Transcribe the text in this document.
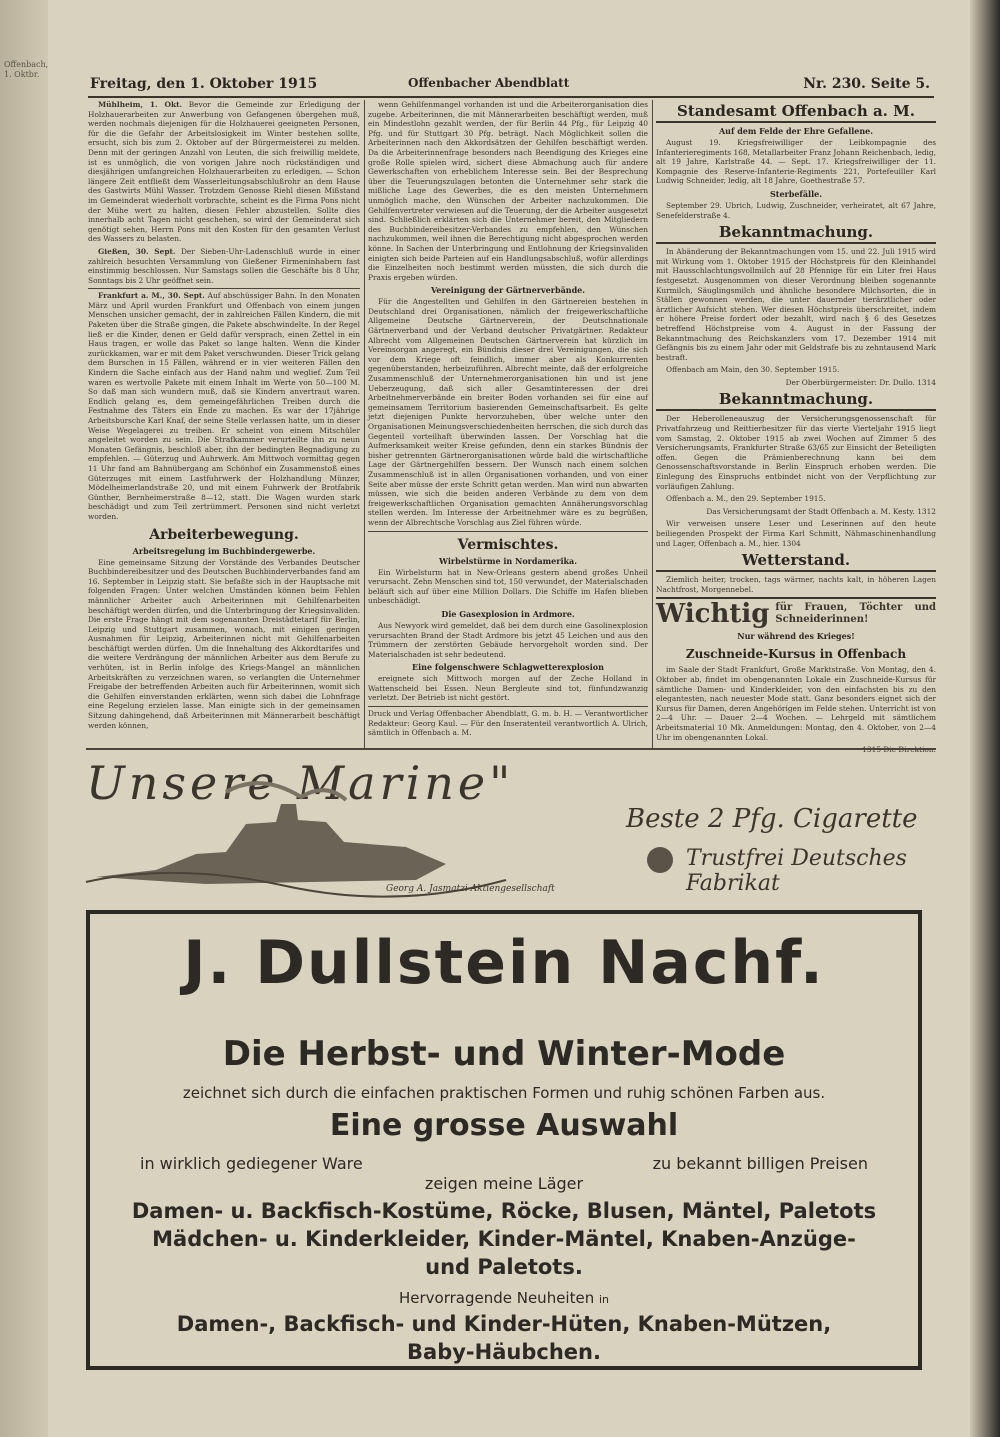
Offenbach, 1. Oktbr.
Freitag, den 1. Oktober 1915	Offenbacher Abendblatt	Nr. 230. Seite 5.

Mühlheim, 1. Okt. Bevor die Gemeinde zur Erledigung der Holzhauerarbeiten zur Anwerbung von Gefangenen übergehen muß, werden nochmals diejenigen für die Holzhauerei geeigneten Personen, für die die Gefahr der Arbeitslosigkeit im Winter bestehen sollte, ersucht, sich bis zum 2. Oktober auf der Bürgermeisterei zu melden. Denn mit der geringen Anzahl von Leuten, die sich freiwillig meldete, ist es unmöglich, die von vorigen Jahre noch rückständigen und diesjährigen umfangreichen Holzhauerarbeiten zu erledigen. — Schon längere Zeit entfließt dem Wasserleitungsabschlußrohr an dem Hause des Gastwirts Mühl Wasser. Trotzdem Genosse Riehl diesen Mißstand im Gemeinderat wiederholt vorbrachte, scheint es die Firma Pons nicht der Mühe wert zu halten, diesen Fehler abzustellen. Sollte dies innerhalb acht Tagen nicht geschehen, so wird der Gemeinderat sich genötigt sehen, Herrn Pons mit den Kosten für den gesamten Verlust des Wassers zu belasten.

Gießen, 30. Sept. Der Sieben-Uhr-Ladenschluß wurde in einer zahlreich besuchten Versammlung von Gießener Firmeninhabern fast einstimmig beschlossen. Nur Samstags sollen die Geschäfte bis 8 Uhr, Sonntags bis 2 Uhr geöffnet sein.

Frankfurt a. M., 30. Sept. Auf abschüssiger Bahn. In den Monaten März und April wurden Frankfurt und Offenbach von einem jungen Menschen unsicher gemacht, der in zahlreichen Fällen Kindern, die mit Paketen über die Straße gingen, die Pakete abschwindelte. In der Regel ließ er die Kinder, denen er Geld dafür versprach, einen Zettel in ein Haus tragen, er wolle das Paket so lange halten. Wenn die Kinder zurückkamen, war er mit dem Paket verschwunden. Dieser Trick gelang dem Burschen in 15 Fällen, während er in vier weiteren Fällen den Kindern die Sache einfach aus der Hand nahm und weglief. Zum Teil waren es wertvolle Pakete mit einem Inhalt im Werte von 50—100 M. So daß man sich wundern muß, daß sie Kindern anvertraut waren. Endlich gelang es, dem gemeingefährlichen Treiben durch die Festnahme des Täters ein Ende zu machen. Es war der 17jährige Arbeitsbursche Karl Knaf, der seine Stelle verlassen hatte, um in dieser Weise Wegelagerei zu treiben. Er scheint von einem Mitschüler angeleitet worden zu sein. Die Strafkammer verurteilte ihn zu neun Monaten Gefängnis, beschloß aber, ihn der bedingten Begnadigung zu empfehlen. — Güterzug und Auhrwerk. Am Mittwoch vormittag gegen 11 Uhr fand am Bahnübergang am Schönhof ein Zusammenstoß eines Güterzuges mit einem Lastfuhrwerk der Holzhandlung Münzer, Mödelheimerlandstraße 20, und mit einem Fuhrwerk der Brotfabrik Günther, Bernheimerstraße 8—12, statt. Die Wagen wurden stark beschädigt und zum Teil zertrümmert. Personen sind nicht verletzt worden.

Arbeiterbewegung.
Arbeitsregelung im Buchbindergewerbe.

Eine gemeinsame Sitzung der Vorstände des Verbandes Deutscher Buchbindereibesitzer und des Deutschen Buchbinderverbandes fand am 16. September in Leipzig statt. Sie befaßte sich in der Hauptsache mit folgenden Fragen: Unter welchen Umständen können beim Fehlen männlicher Arbeiter auch Arbeiterinnen mit Gehilfenarbeiten beschäftigt werden dürfen, und die Unterbringung der Kriegsinvaliden. Die erste Frage hängt mit dem sogenannten Dreistädtetarif für Berlin, Leipzig und Stuttgart zusammen, wonach, mit einigen geringen Ausnahmen für Leipzig, Arbeiterinnen nicht mit Gehilfenarbeiten beschäftigt werden dürfen. Um die Innehaltung des Akkordtarifes und die weitere Verdrängung der männlichen Arbeiter aus dem Berufe zu verhüten, ist in Berlin infolge des Kriegs-Mangel an männlichen Arbeitskräften zu verzeichnen waren, so verlangten die Unternehmer Freigabe der betreffenden Arbeiten auch für Arbeiterinnen, womit sich die Gehilfen einverstanden erklärten, wenn sich dabei die Lohnfrage eine Regelung erzielen lasse. Man einigte sich in der gemeinsamen Sitzung dahingehend, daß Arbeiterinnen mit Männerarbeit beschäftigt werden können,

wenn Gehilfenmangel vorhanden ist und die Arbeiterorganisation dies zugebe. Arbeiterinnen, die mit Männerarbeiten beschäftigt werden, muß ein Mindestlohn gezahlt werden, der für Berlin 44 Pfg., für Leipzig 40 Pfg. und für Stuttgart 30 Pfg. beträgt. Nach Möglichkeit sollen die Arbeiterinnen nach den Akkordsätzen der Gehilfen beschäftigt werden. Da die Arbeiterinnenfrage besonders nach Beendigung des Krieges eine große Rolle spielen wird, sichert diese Abmachung auch für andere Gewerkschaften von erheblichem Interesse sein. Bei der Besprechung über die Teuerungszulagen betonten die Unternehmer sehr stark die mißliche Lage des Gewerbes, die es den meisten Unternehmern unmöglich mache, den Wünschen der Arbeiter nachzukommen. Die Gehilfenvertreter verwiesen auf die Teuerung, der die Arbeiter ausgesetzt sind. Schließlich erklärten sich die Unternehmer bereit, den Mitgliedern des Buchbindereibesitzer-Verbandes zu empfehlen, den Wünschen nachzukommen, weil ihnen die Berechtigung nicht abgesprochen werden könne. In Sachen der Unterbringung und Entlohnung der Kriegsinvaliden einigten sich beide Parteien auf ein Handlungsabschluß, wofür allerdings die Einzelheiten noch bestimmt werden müssten, die sich durch die Praxis ergeben würden.

Vereinigung der Gärtnerverbände.

Für die Angestellten und Gehilfen in den Gärtnereien bestehen in Deutschland drei Organisationen, nämlich der freigewerkschaftliche Allgemeine Deutsche Gärtnerverein, der Deutschnationale Gärtnerverband und der Verband deutscher Privatgärtner. Redakteur Albrecht vom Allgemeinen Deutschen Gärtnerverein hat kürzlich im Vereinsorgan angeregt, ein Bündnis dieser drei Vereinigungen, die sich vor dem Kriege oft feindlich, immer aber als Konkurrenten gegenüberstanden, herbeizuführen. Albrecht meinte, daß der erfolgreiche Zusammenschluß der Unternehmerorganisationen hin und ist jene Ueberzeugung, daß sich aller Gesamtinteressen der drei Arbeitnehmerverbände ein breiter Boden vorhanden sei für eine auf gemeinsamem Territorium basierenden Gemeinschaftsarbeit. Es gelte jetzt diejenigen Punkte hervorzuheben, über welche unter den Organisationen Meinungsverschiedenheiten herrschen, die sich durch das Gegenteil vorteilhaft überwinden lassen. Der Vorschlag hat die Aufmerksamkeit weiter Kreise gefunden, denn ein starkes Bündnis der bisher getrennten Gärtnerorganisationen würde bald die wirtschaftliche Lage der Gärtnergehilfen bessern. Der Wunsch nach einem solchen Zusammenschluß ist in allen Organisationen vorhanden, und von einer Seite aber müsse der erste Schritt getan werden. Man wird nun abwarten müssen, wie sich die beiden anderen Verbände zu dem von dem freigewerkschaftlichen Organisation gemachten Annäherungsvorschlag stellen werden. Im Interesse der Arbeitnehmer wäre es zu begrüßen, wenn der Albrechtsche Vorschlag aus Ziel führen würde.

Vermischtes.
Wirbelstürme in Nordamerika.

Ein Wirbelsturm hat in New-Orleans gestern abend großes Unheil verursacht. Zehn Menschen sind tot, 150 verwundet, der Materialschaden beläuft sich auf über eine Million Dollars. Die Schiffe im Hafen blieben unbeschädigt.

Die Gasexplosion in Ardmore.

Aus Newyork wird gemeldet, daß bei dem durch eine Gasolinexplosion verursachten Brand der Stadt Ardmore bis jetzt 45 Leichen und aus den Trümmern der zerstörten Gebäude hervorgeholt worden sind. Der Materialschaden ist sehr bedeutend.

Eine folgenschwere Schlagwetterexplosion

ereignete sich Mittwoch morgen auf der Zeche Holland in Wattenscheid bei Essen. Neun Bergleute sind tot, fünfundzwanzig verletzt. Der Betrieb ist nicht gestört.

Druck und Verlag Offenbacher Abendblatt, G. m. b. H. — Verantwortlicher Redakteur: Georg Kaul. — Für den Inseratenteil verantwortlich A. Ulrich, sämtlich in Offenbach a. M.

Standesamt Offenbach a. M.
Auf dem Felde der Ehre Gefallene.

August 19. Kriegsfreiwilliger der Leibkompagnie des Infanterieregiments 168, Metallarbeiter Franz Johann Reichenbach, ledig, alt 19 Jahre, Karlstraße 44. — Sept. 17. Kriegsfreiwilliger der 11. Kompagnie des Reserve-Infanterie-Regiments 221, Portefeuiller Karl Ludwig Schneider, ledig, alt 18 Jahre, Goethestraße 57.

Sterbefälle.

September 29. Ubrich, Ludwig, Zuschneider, verheiratet, alt 67 Jahre, Senefelderstraße 4.

Bekanntmachung.

In Abänderung der Bekanntmachungen vom 15. und 22. Juli 1915 wird mit Wirkung vom 1. Oktober 1915 der Höchstpreis für den Kleinhandel mit Hausschlachtungsvollmilch auf 28 Pfennige für ein Liter frei Haus festgesetzt. Ausgenommen von dieser Verordnung bleiben sogenannte Kurmilch, Säuglingsmilch und ähnliche besondere Milchsorten, die in Ställen gewonnen werden, die unter dauernder tierärztlicher oder ärztlicher Aufsicht stehen. Wer diesen Höchstpreis überschreitet, indem er höhere Preise fordert oder bezahlt, wird nach § 6 des Gesetzes betreffend Höchstpreise vom 4. August in der Fassung der Bekanntmachung des Reichskanzlers vom 17. Dezember 1914 mit Gefängnis bis zu einem Jahr oder mit Geldstrafe bis zu zehntausend Mark bestraft.

Offenbach am Main, den 30. September 1915.

Der Oberbürgermeister: Dr. Dullo. 1314

Bekanntmachung.

Der Heberolleneauszug der Versicherungsgenossenschaft für Privatfahrzeug und Reittierbesitzer für das vierte Vierteljahr 1915 liegt vom Samstag, 2. Oktober 1915 ab zwei Wochen auf Zimmer 5 des Versicherungsamts, Frankfurter Straße 63/65 zur Einsicht der Beteiligten offen. Gegen die Prämienberechnung kann bei dem Genossenschaftsvorstande in Berlin Einspruch erhoben werden. Die Einlegung des Einspruchs entbindet nicht von der Verpflichtung zur vorläufigen Zahlung.

Offenbach a. M., den 29. September 1915.

Das Versicherungsamt der Stadt Offenbach a. M. Kesty. 1312

Wir verweisen unsere Leser und Leserinnen auf den heute beiliegenden Prospekt der Firma Karl Schmitt, Nähmaschinenhandlung und Lager, Offenbach a. M., hier. 1304

Wetterstand.

Ziemlich heiter, trocken, tags wärmer, nachts kalt, in höheren Lagen Nachtfrost, Morgennebel.

Wichtig für Frauen, Töchter und Schneiderinnen!
Nur während des Krieges!
Zuschneide-Kursus in Offenbach

im Saale der Stadt Frankfurt, Große Marktstraße. Von Montag, den 4. Oktober ab, findet im obengenannten Lokale ein Zuschneide-Kursus für sämtliche Damen- und Kinderkleider, von den einfachsten bis zu den elegantesten, nach neuester Mode statt. Ganz besonders eignet sich der Kursus für Damen, deren Angehörigen im Felde stehen. Unterricht ist von 2—4 Uhr. — Dauer 2—4 Wochen. — Lehrgeld mit sämtlichem Arbeitsmaterial 10 Mk. Anmeldungen: Montag, den 4. Oktober, von 2—4 Uhr im obengenannten Lokal.

Unsere Marine"
Beste 2 Pfg. Cigarette
Trustfrei Deutsches Fabrikat
Georg A. Jasmatzi Aktiengesellschaft
J. Dullstein Nachf.
Die Herbst- und Winter-Mode
zeichnet sich durch die einfachen praktischen Formen und ruhig schönen Farben aus.
Eine grosse Auswahl
in wirklich gediegener Ware	zu bekannt billigen Preisen
zeigen meine Läger
Damen- u. Backfisch-Kostüme, Röcke, Blusen, Mäntel, Paletots
Mädchen- u. Kinderkleider, Kinder-Mäntel, Knaben-Anzüge-
und Paletots.
Hervorragende Neuheiten in
Damen-, Backfisch- und Kinder-Hüten, Knaben-Mützen,
Baby-Häubchen.
